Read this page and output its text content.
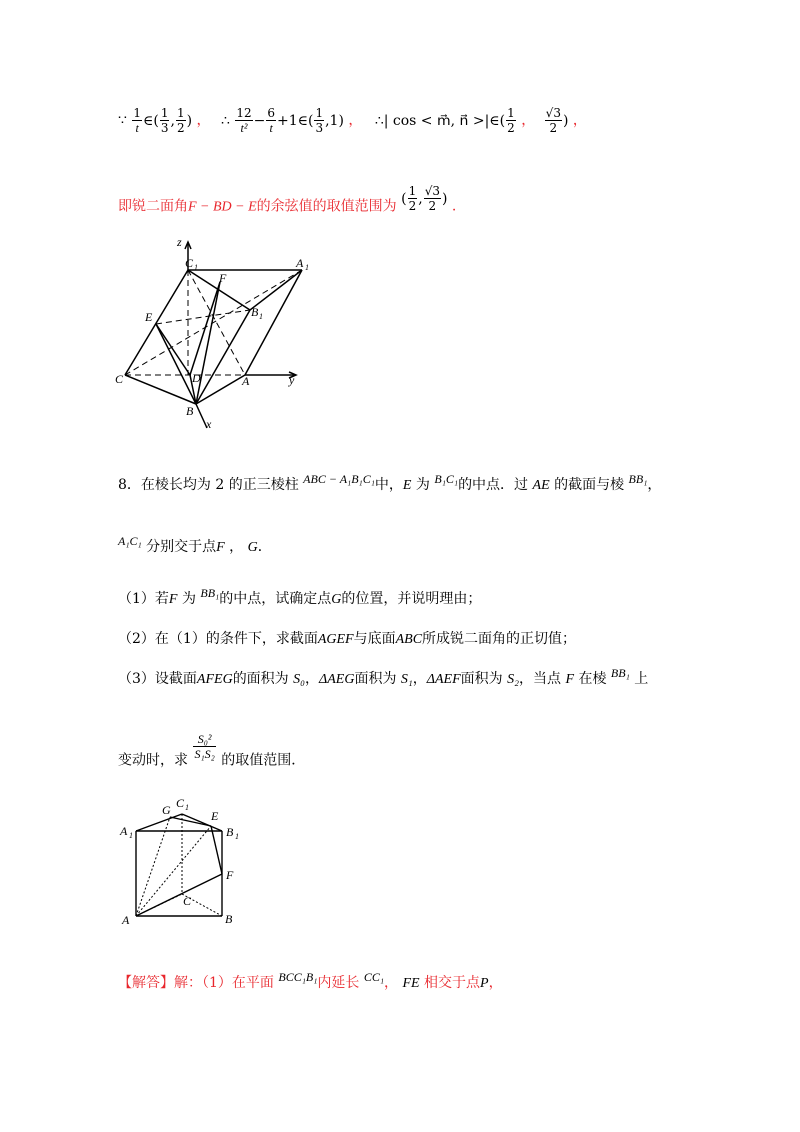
∵ $\frac{1}{t}$ ∈( $\frac{1}{3}$ , $\frac{1}{2}$ ) ， ∴ $\frac{12}{\text{t²}} - \frac{6}{t}$ +1∈( $\frac{1}{3} ,1$) ， ∴| cos < m⃗, n⃗ >|∈( $\frac{1}{2}$ ， $\frac{√3}{2}$ ) ，
即锐二面角F − BD − E的余弦值的取值范围为 ( $\frac{1}{2}$ , $\frac{√3}{2}$ ) .
z
C 1	A 1
F
E	B 1
C	D	A	y
B
x
8．在棱长均为 2 的正三棱柱 ABC − A₁B₁C₁中，E 为 B₁C₁的中点．过 AE 的截面与棱 BB₁，
A₁C₁ 分别交于点F ， G．
（1）若F 为 BB₁的中点，试确定点G的位置，并说明理由；
（2）在（1）的条件下，求截面AGEF与底面ABC所成锐二面角的正切值；
（3）设截面AFEG的面积为 S₀，ΔAEG面积为 S₁，ΔAEF面积为 S₂，当点 F 在棱 BB₁ 上
变动时，求 $\frac{\text{S₀²}}{\text{S₁S₂}}$ 的取值范围．
G C 1
E
A 1	B 1
F
C
A	B
【解答】解：（1）在平面 BCC₁B₁内延长 CC₁， FE 相交于点P，
